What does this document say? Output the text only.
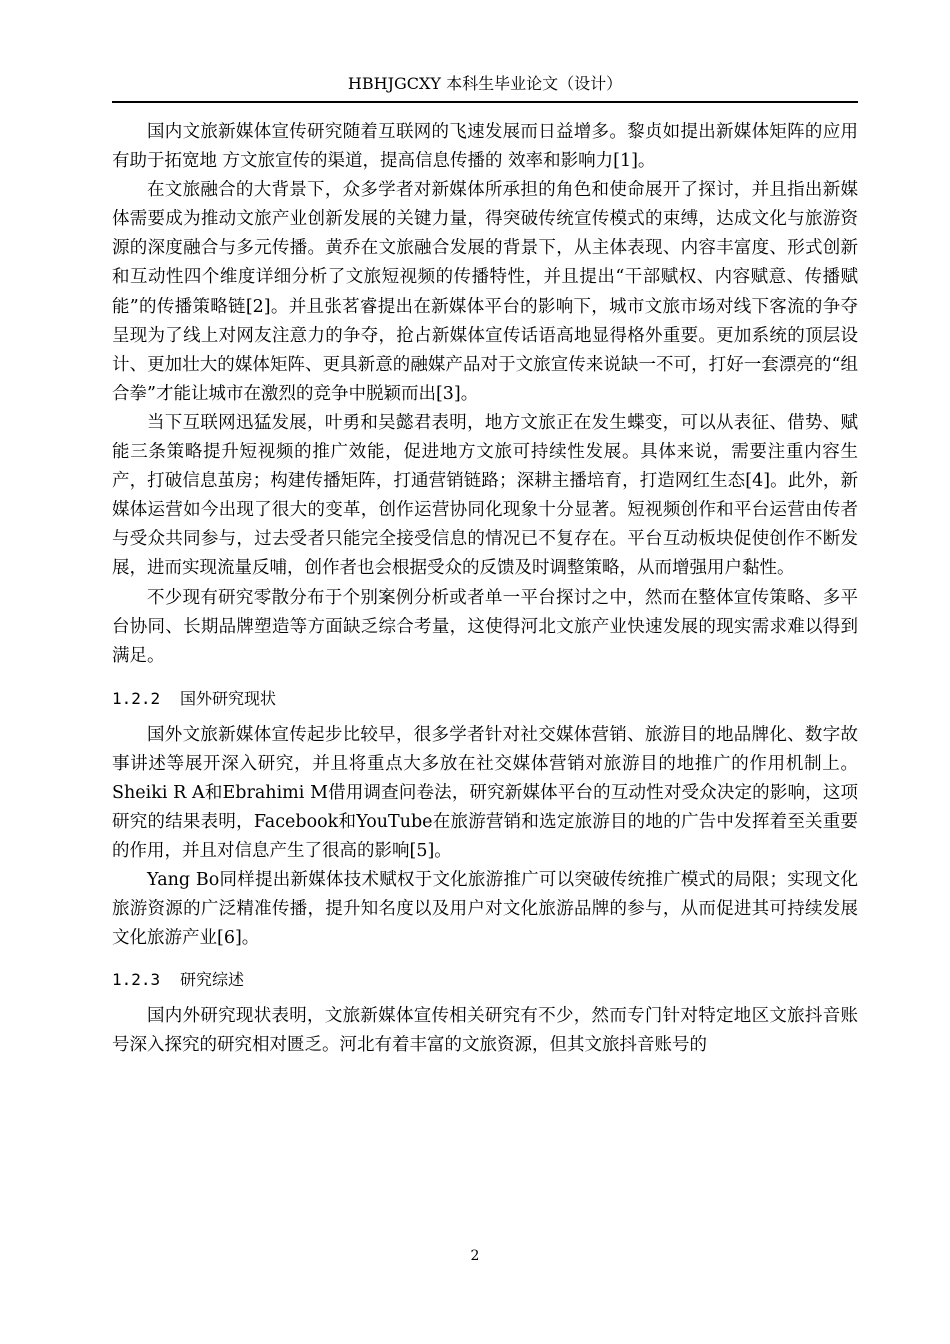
HBHJGCXY 本科生毕业论文（设计）

国内文旅新媒体宣传研究随着互联网的飞速发展而日益增多。黎贞如提出新媒体矩阵的应用有助于拓宽地 方文旅宣传的渠道，提高信息传播的 效率和影响力[1]。

在文旅融合的大背景下，众多学者对新媒体所承担的角色和使命展开了探讨，并且指出新媒体需要成为推动文旅产业创新发展的关键力量，得突破传统宣传模式的束缚，达成文化与旅游资源的深度融合与多元传播。黄乔在文旅融合发展的背景下，从主体表现、内容丰富度、形式创新和互动性四个维度详细分析了文旅短视频的传播特性，并且提出“干部赋权、内容赋意、传播赋能”的传播策略链[2]。并且张茗睿提出在新媒体平台的影响下，城市文旅市场对线下客流的争夺呈现为了线上对网友注意力的争夺，抢占新媒体宣传话语高地显得格外重要。更加系统的顶层设计、更加壮大的媒体矩阵、更具新意的融媒产品对于文旅宣传来说缺一不可，打好一套漂亮的“组合拳”才能让城市在激烈的竞争中脱颖而出[3]。

当下互联网迅猛发展，叶勇和吴懿君表明，地方文旅正在发生蝶变，可以从表征、借势、赋能三条策略提升短视频的推广效能，促进地方文旅可持续性发展。具体来说，需要注重内容生产，打破信息茧房；构建传播矩阵，打通营销链路；深耕主播培育，打造网红生态[4]。此外，新媒体运营如今出现了很大的变革，创作运营协同化现象十分显著。短视频创作和平台运营由传者与受众共同参与，过去受者只能完全接受信息的情况已不复存在。平台互动板块促使创作不断发展，进而实现流量反哺，创作者也会根据受众的反馈及时调整策略，从而增强用户黏性。

不少现有研究零散分布于个别案例分析或者单一平台探讨之中，然而在整体宣传策略、多平台协同、长期品牌塑造等方面缺乏综合考量，这使得河北文旅产业快速发展的现实需求难以得到满足。

1.2.2 国外研究现状

国外文旅新媒体宣传起步比较早，很多学者针对社交媒体营销、旅游目的地品牌化、数字故事讲述等展开深入研究，并且将重点大多放在社交媒体营销对旅游目的地推广的作用机制上。Sheiki R A和Ebrahimi M借用调查问卷法，研究新媒体平台的互动性对受众决定的影响，这项研究的结果表明，Facebook和YouTube在旅游营销和选定旅游目的地的广告中发挥着至关重要的作用，并且对信息产生了很高的影响[5]。

Yang Bo同样提出新媒体技术赋权于文化旅游推广可以突破传统推广模式的局限；实现文化旅游资源的广泛精准传播，提升知名度以及用户对文化旅游品牌的参与，从而促进其可持续发展文化旅游产业[6]。

1.2.3 研究综述

国内外研究现状表明，文旅新媒体宣传相关研究有不少，然而专门针对特定地区文旅抖音账号深入探究的研究相对匮乏。河北有着丰富的文旅资源，但其文旅抖音账号的

2
